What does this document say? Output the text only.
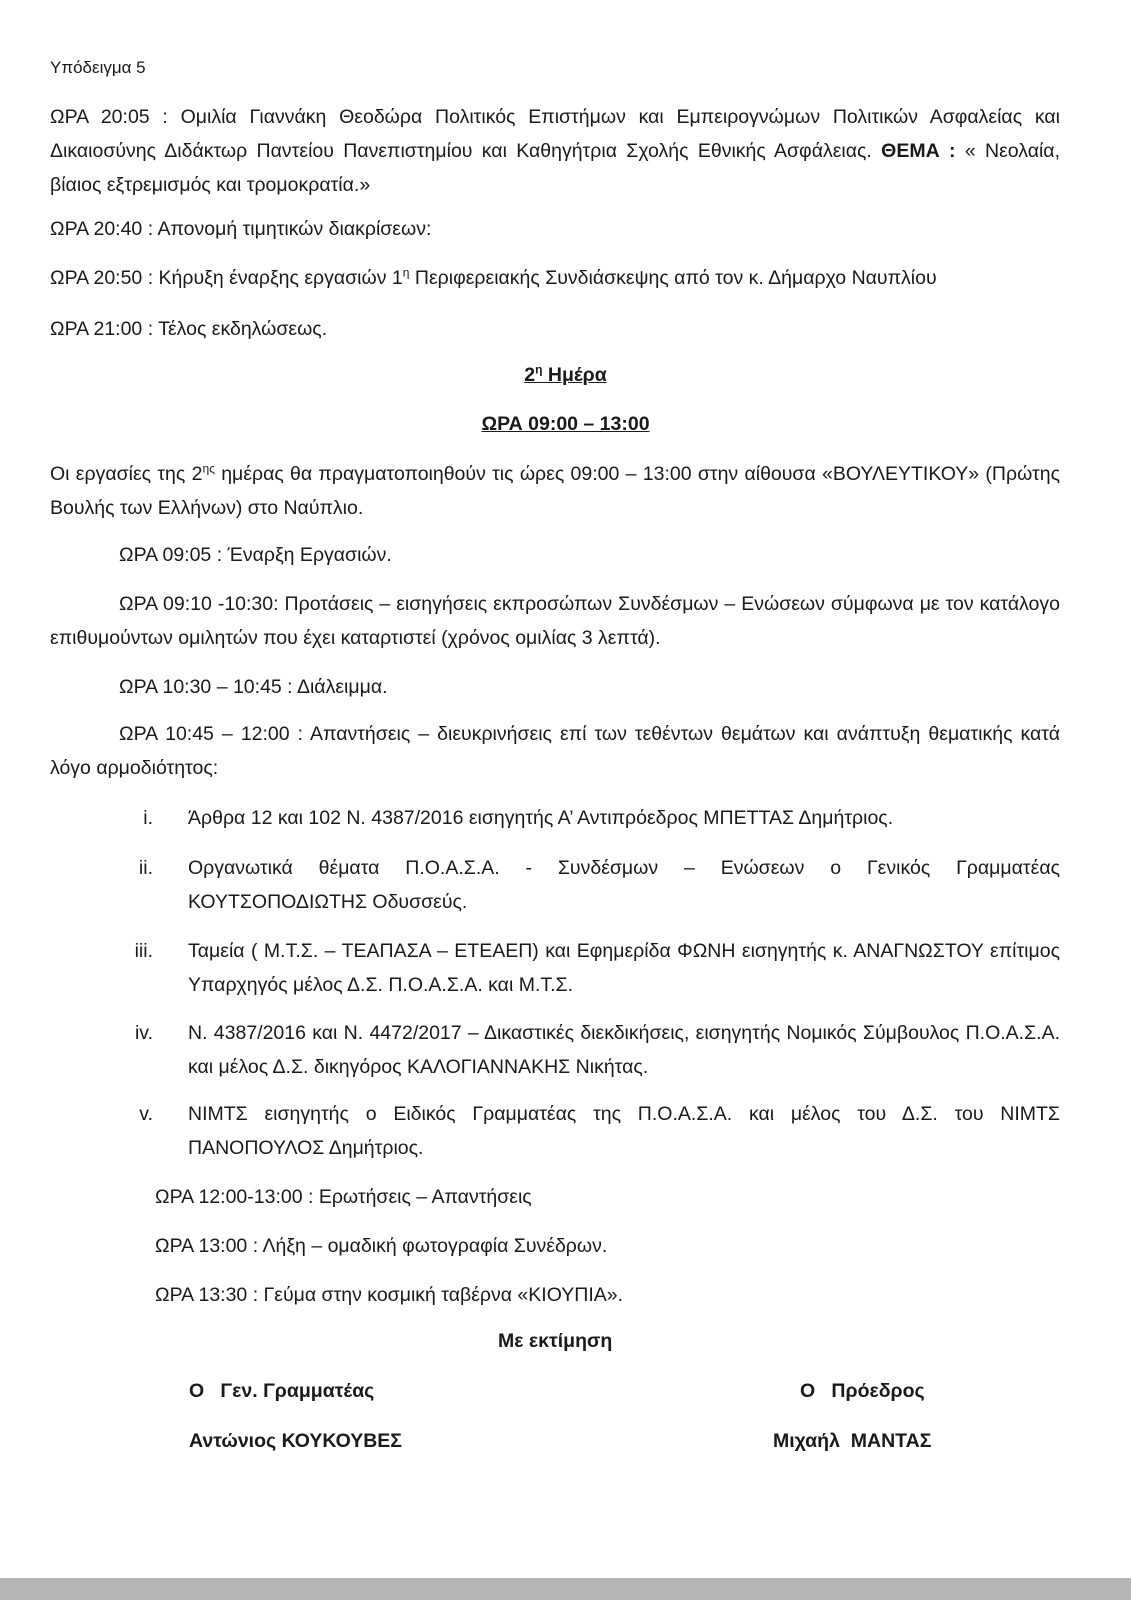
Υπόδειγμα 5
ΩΡΑ 20:05 : Ομιλία Γιαννάκη Θεοδώρα Πολιτικός Επιστήμων και Εμπειρογνώμων Πολιτικών Ασφαλείας και Δικαιοσύνης Διδάκτωρ Παντείου Πανεπιστημίου και Καθηγήτρια Σχολής Εθνικής Ασφάλειας. ΘΕΜΑ : « Νεολαία, βίαιος εξτρεμισμός και τρομοκρατία.»
ΩΡΑ 20:40 : Απονομή τιμητικών διακρίσεων:
ΩΡΑ 20:50 : Κήρυξη έναρξης εργασιών $1^\eta$ Περιφερειακής Συνδιάσκεψης από τον κ. Δήμαρχο Ναυπλίου
ΩΡΑ 21:00 : Τέλος εκδηλώσεως.
$2^\eta$ Ημέρα
ΩΡΑ 09:00 – 13:00
Οι εργασίες της $2^{\eta\varsigma}$ ημέρας θα πραγματοποιηθούν τις ώρες 09:00 – 13:00 στην αίθουσα «ΒΟΥΛΕΥΤΙΚΟΥ» (Πρώτης Βουλής των Ελλήνων) στο Ναύπλιο.
ΩΡΑ 09:05 : Έναρξη Εργασιών.
ΩΡΑ 09:10 -10:30: Προτάσεις – εισηγήσεις εκπροσώπων Συνδέσμων – Ενώσεων σύμφωνα με τον κατάλογο επιθυμούντων ομιλητών που έχει καταρτιστεί (χρόνος ομιλίας 3 λεπτά).
ΩΡΑ 10:30 – 10:45 : Διάλειμμα.
ΩΡΑ 10:45 – 12:00 : Απαντήσεις – διευκρινήσεις επί των τεθέντων θεμάτων και ανάπτυξη θεματικής κατά λόγο αρμοδιότητος:
i. Άρθρα 12 και 102 Ν. 4387/2016 εισηγητής Α’ Αντιπρόεδρος ΜΠΕΤΤΑΣ Δημήτριος.
ii. Οργανωτικά θέματα Π.Ο.Α.Σ.Α. - Συνδέσμων – Ενώσεων ο Γενικός Γραμματέας ΚΟΥΤΣΟΠΟΔΙΩΤΗΣ Οδυσσεύς.
iii. Ταμεία ( Μ.Τ.Σ. – ΤΕΑΠΑΣΑ – ΕΤΕΑΕΠ) και Εφημερίδα ΦΩΝΗ εισηγητής κ. ΑΝΑΓΝΩΣΤΟΥ επίτιμος Υπαρχηγός μέλος Δ.Σ. Π.Ο.Α.Σ.Α. και Μ.Τ.Σ.
iv. Ν. 4387/2016 και Ν. 4472/2017 – Δικαστικές διεκδικήσεις, εισηγητής Νομικός Σύμβουλος Π.Ο.Α.Σ.Α. και μέλος Δ.Σ. δικηγόρος ΚΑΛΟΓΙΑΝΝΑΚΗΣ Νικήτας.
v. ΝΙΜΤΣ εισηγητής ο Ειδικός Γραμματέας της Π.Ο.Α.Σ.Α. και μέλος του Δ.Σ. του ΝΙΜΤΣ ΠΑΝΟΠΟΥΛΟΣ Δημήτριος.
ΩΡΑ 12:00-13:00 : Ερωτήσεις – Απαντήσεις
ΩΡΑ 13:00 : Λήξη – ομαδική φωτογραφία Συνέδρων.
ΩΡΑ 13:30 : Γεύμα στην κοσμική ταβέρνα «ΚΙΟΥΠΙΑ».
Με εκτίμηση
Ο   Γεν. Γραμματέας
Αντώνιος ΚΟΥΚΟΥΒΕΣ
Ο   Πρόεδρος
Μιχαήλ  ΜΑΝΤΑΣ
